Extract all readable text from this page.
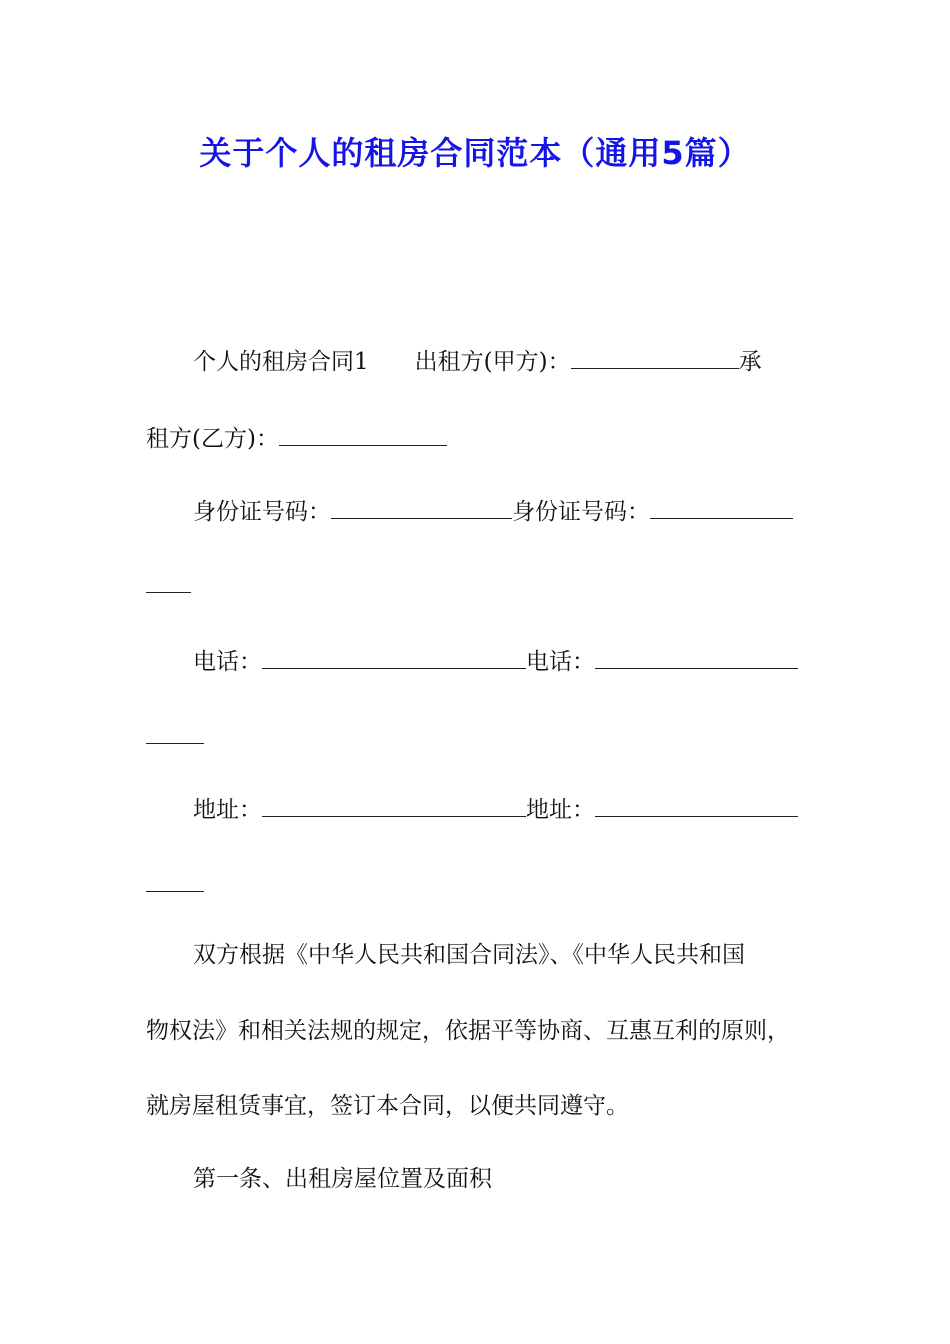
关于个人的租房合同范本（通用5篇）
个人的租房合同1 出租方(甲方)：	承
租方(乙方)：
身份证号码：	身份证号码：
电话：	电话：
地址：	地址：
双方根据《中华人民共和国合同法》、《中华人民共和国
物权法》和相关法规的规定，依据平等协商、互惠互利的原则，
就房屋租赁事宜，签订本合同，以便共同遵守。
第一条、出租房屋位置及面积
